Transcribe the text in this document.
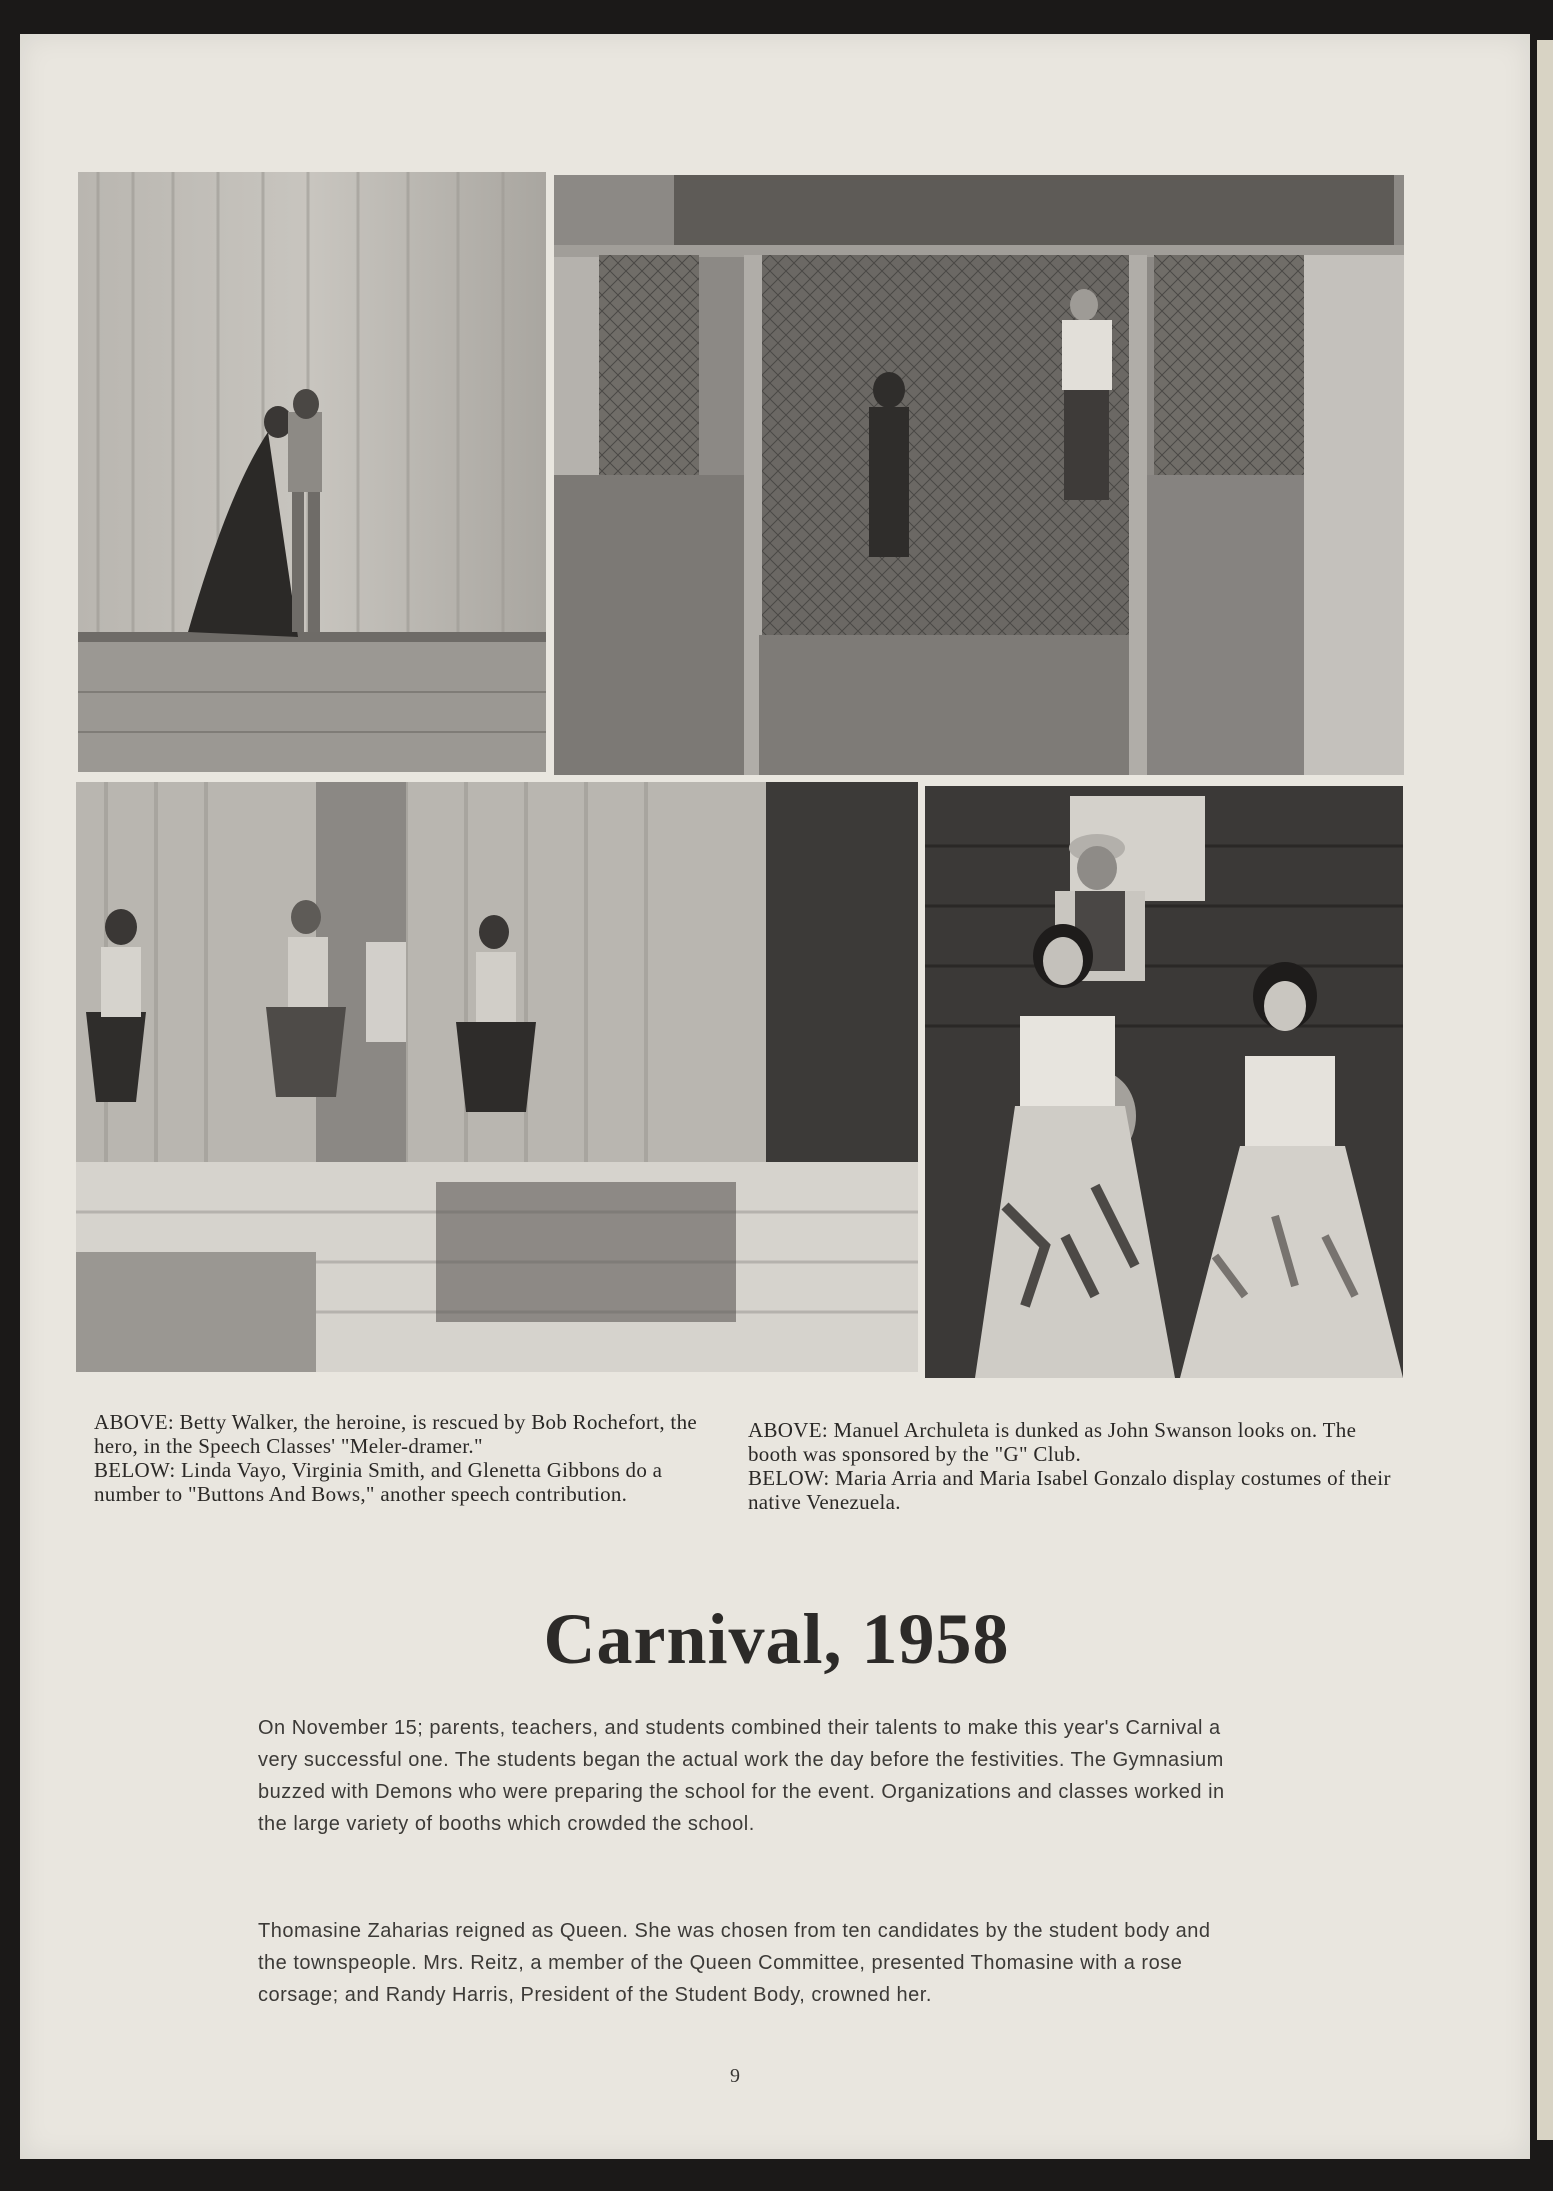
ABOVE: Betty Walker, the heroine, is rescued by Bob Rochefort, the hero, in the Speech Classes' "Meler-dramer."

BELOW: Linda Vayo, Virginia Smith, and Glenetta Gibbons do a number to "Buttons And Bows," another speech contribution.

ABOVE: Manuel Archuleta is dunked as John Swanson looks on. The booth was sponsored by the "G" Club.

BELOW: Maria Arria and Maria Isabel Gonzalo display costumes of their native Venezuela.

Carnival, 1958

On November 15; parents, teachers, and students combined their talents to make this year's Carnival a very successful one. The students began the actual work the day before the festivities. The Gymnasium buzzed with Demons who were preparing the school for the event. Organizations and classes worked in the large variety of booths which crowded the school.

Thomasine Zaharias reigned as Queen. She was chosen from ten candidates by the student body and the townspeople. Mrs. Reitz, a member of the Queen Committee, presented Thomasine with a rose corsage; and Randy Harris, President of the Student Body, crowned her.

9
